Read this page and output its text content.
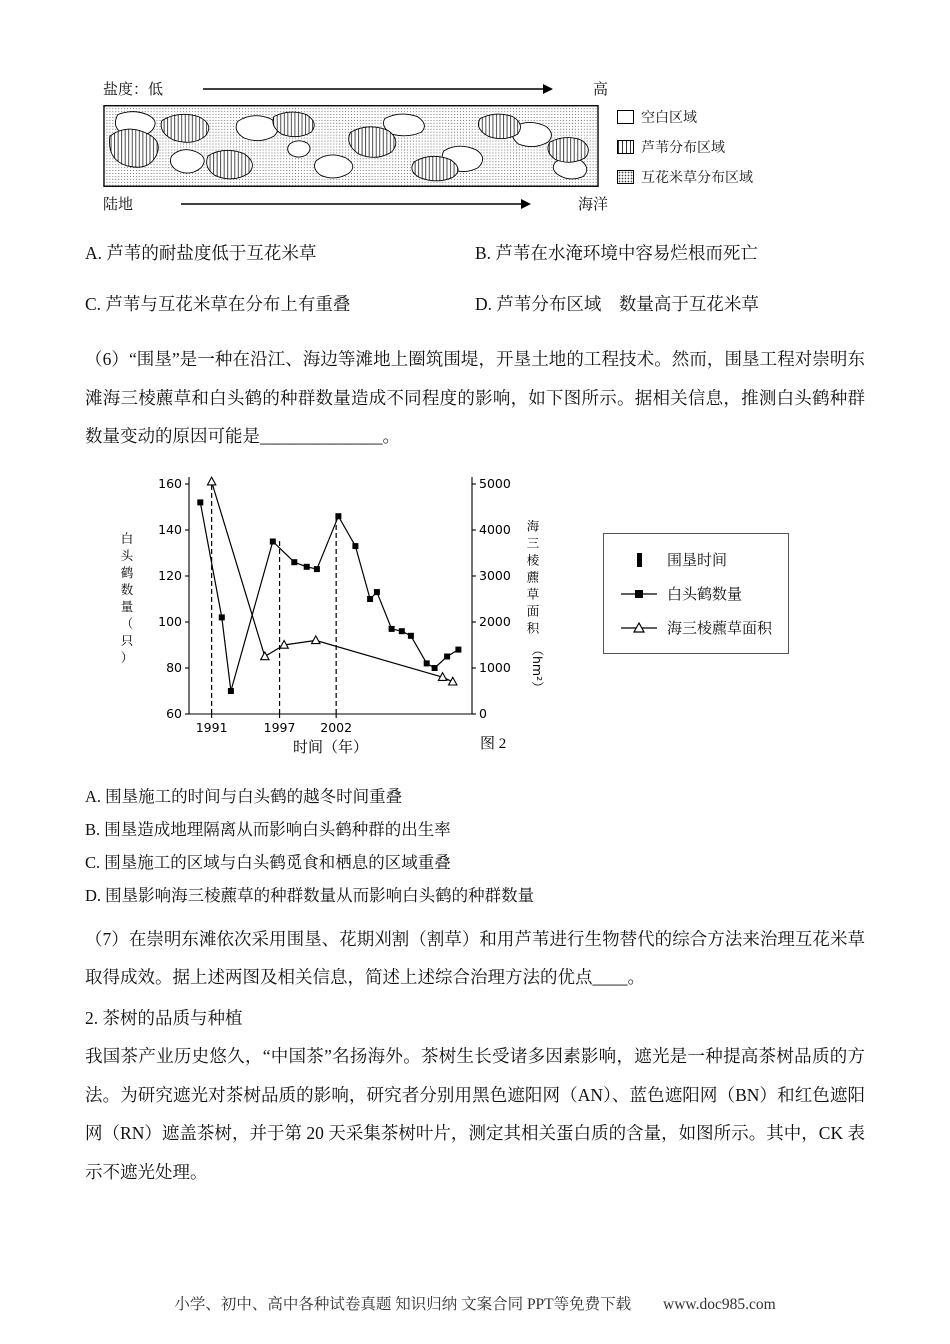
盐度：低	高
空白区域
芦苇分布区域
互花米草分布区域
陆地	海洋
A. 芦苇的耐盐度低于互花米草	B. 芦苇在水淹环境中容易烂根而死亡
C. 芦苇与互花米草在分布上有重叠	D. 芦苇分布区域　数量高于互花米草

（6）“围垦”是一种在沿江、海边等滩地上圈筑围堤，开垦土地的工程技术。然而，围垦工程对崇明东滩海三棱藨草和白头鹤的种群数量造成不同程度的影响，如下图所示。据相关信息，推测白头鹤种群数量变动的原因可能是______________。

60
80
100
120
140
160
0
1000
2000
3000
4000
5000
1991	1997 2002
白
头
鹤
数
量
（
只
）
海
三
棱
藨
草
面
积
（hm²）
时间（年）	图 2
围垦时间
白头鹤数量
海三棱藨草面积
A. 围垦施工的时间与白头鹤的越冬时间重叠
B. 围垦造成地理隔离从而影响白头鹤种群的出生率
C. 围垦施工的区域与白头鹤觅食和栖息的区域重叠
D. 围垦影响海三棱藨草的种群数量从而影响白头鹤的种群数量

（7）在崇明东滩依次采用围垦、花期刈割（割草）和用芦苇进行生物替代的综合方法来治理互花米草取得成效。据上述两图及相关信息，简述上述综合治理方法的优点____。

2. 茶树的品质与种植

我国茶产业历史悠久，“中国茶”名扬海外。茶树生长受诸多因素影响，遮光是一种提高茶树品质的方法。为研究遮光对茶树品质的影响，研究者分别用黑色遮阳网（AN）、蓝色遮阳网（BN）和红色遮阳网（RN）遮盖茶树，并于第 20 天采集茶树叶片，测定其相关蛋白质的含量，如图所示。其中，CK 表示不遮光处理。

小学、初中、高中各种试卷真题 知识归纳 文案合同 PPT等免费下载 www.doc985.com
